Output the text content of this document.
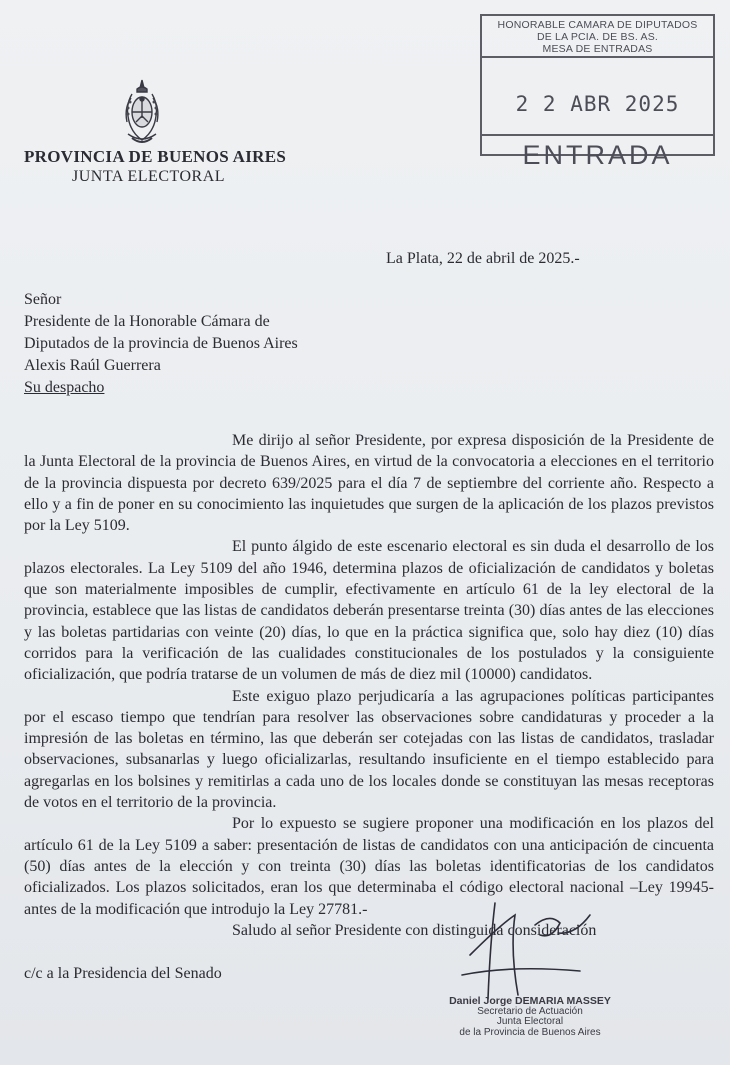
HONORABLE CAMARA DE DIPUTADOS
DE LA PCIA. DE BS. AS.
MESA DE ENTRADAS
2 2 ABR 2025
ENTRADA
PROVINCIA DE BUENOS AIRES
JUNTA ELECTORAL
La Plata, 22 de abril de 2025.-
Señor
Presidente de la Honorable Cámara de
Diputados de la provincia de Buenos Aires
Alexis Raúl Guerrera
Su despacho

Me dirijo al señor Presidente, por expresa disposición de la Presidente de la Junta Electoral de la provincia de Buenos Aires, en virtud de la convocatoria a elecciones en el territorio de la provincia dispuesta por decreto 639/2025 para el día 7 de septiembre del corriente año. Respecto a ello y a fin de poner en su conocimiento las inquietudes que surgen de la aplicación de los plazos previstos por la Ley 5109.

El punto álgido de este escenario electoral es sin duda el desarrollo de los plazos electorales. La Ley 5109 del año 1946, determina plazos de oficialización de candidatos y boletas que son materialmente imposibles de cumplir, efectivamente en artículo 61 de la ley electoral de la provincia, establece que las listas de candidatos deberán presentarse treinta (30) días antes de las elecciones y las boletas partidarias con veinte (20) días, lo que en la práctica significa que, solo hay diez (10) días corridos para la verificación de las cualidades constitucionales de los postulados y la consiguiente oficialización, que podría tratarse de un volumen de más de diez mil (10000) candidatos.

Este exiguo plazo perjudicaría a las agrupaciones políticas participantes por el escaso tiempo que tendrían para resolver las observaciones sobre candidaturas y proceder a la impresión de las boletas en término, las que deberán ser cotejadas con las listas de candidatos, trasladar observaciones, subsanarlas y luego oficializarlas, resultando insuficiente en el tiempo establecido para agregarlas en los bolsines y remitirlas a cada uno de los locales donde se constituyan las mesas receptoras de votos en el territorio de la provincia.

Por lo expuesto se sugiere proponer una modificación en los plazos del artículo 61 de la Ley 5109 a saber: presentación de listas de candidatos con una anticipación de cincuenta (50) días antes de la elección y con treinta (30) días las boletas identificatorias de los candidatos oficializados. Los plazos solicitados, eran los que determinaba el código electoral nacional –Ley 19945- antes de la modificación que introdujo la Ley 27781.-

Saludo al señor Presidente con distinguida consideración

c/c a la Presidencia del Senado
Daniel Jorge DEMARIA MASSEY
Secretario de Actuación
Junta Electoral
de la Provincia de Buenos Aires
